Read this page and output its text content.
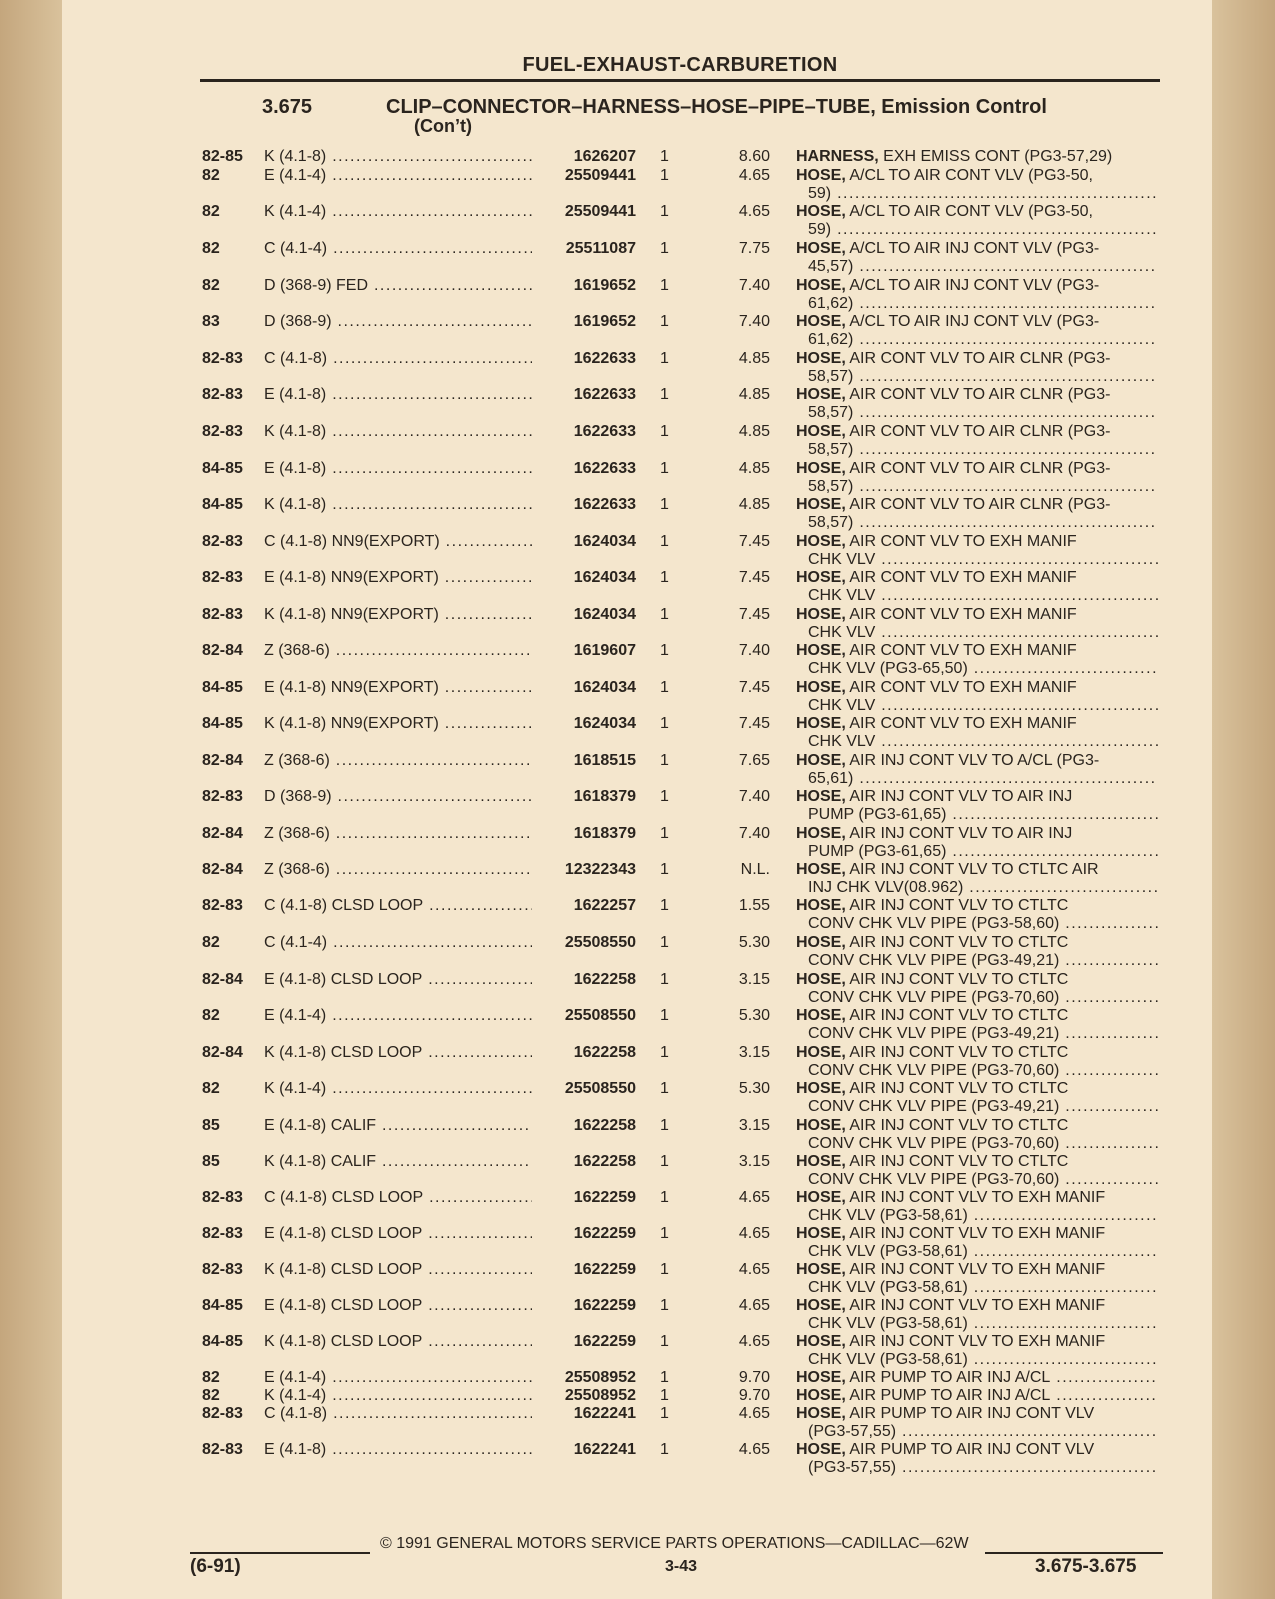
FUEL-EXHAUST-CARBURETION
3.675	CLIP–CONNECTOR–HARNESS–HOSE–PIPE–TUBE, Emission Control
(Con’t)
82-85 K (4.1-8) .....	1626207 1	8.60 HARNESS, EXH EMISS CONT (PG3-57,29)
82	E (4.1-4) .....	25509441 1	4.65 HOSE, A/CL TO AIR CONT VLV (PG3-50,
59) .....
82	K (4.1-4) .....	25509441 1	4.65 HOSE, A/CL TO AIR CONT VLV (PG3-50,
59) .....
82	C (4.1-4) .....	25511087 1	7.75 HOSE, A/CL TO AIR INJ CONT VLV (PG3-
45,57) .....
82	D (368-9) FED .....	1619652 1	7.40 HOSE, A/CL TO AIR INJ CONT VLV (PG3-
61,62) .....
83	D (368-9) .....	1619652 1	7.40 HOSE, A/CL TO AIR INJ CONT VLV (PG3-
61,62) .....
82-83 C (4.1-8) .....	1622633 1	4.85 HOSE, AIR CONT VLV TO AIR CLNR (PG3-
58,57) .....
82-83 E (4.1-8) .....	1622633 1	4.85 HOSE, AIR CONT VLV TO AIR CLNR (PG3-
58,57) .....
82-83 K (4.1-8) .....	1622633 1	4.85 HOSE, AIR CONT VLV TO AIR CLNR (PG3-
58,57) .....
84-85 E (4.1-8) .....	1622633 1	4.85 HOSE, AIR CONT VLV TO AIR CLNR (PG3-
58,57) .....
84-85 K (4.1-8) .....	1622633 1	4.85 HOSE, AIR CONT VLV TO AIR CLNR (PG3-
58,57) .....
82-83 C (4.1-8) NN9(EXPORT) .....	1624034 1	7.45 HOSE, AIR CONT VLV TO EXH MANIF
CHK VLV .....
82-83 E (4.1-8) NN9(EXPORT) .....	1624034 1	7.45 HOSE, AIR CONT VLV TO EXH MANIF
CHK VLV .....
82-83 K (4.1-8) NN9(EXPORT) .....	1624034 1	7.45 HOSE, AIR CONT VLV TO EXH MANIF
CHK VLV .....
82-84 Z (368-6) .....	1619607 1	7.40 HOSE, AIR CONT VLV TO EXH MANIF
CHK VLV (PG3-65,50) .....
84-85 E (4.1-8) NN9(EXPORT) .....	1624034 1	7.45 HOSE, AIR CONT VLV TO EXH MANIF
CHK VLV .....
84-85 K (4.1-8) NN9(EXPORT) .....	1624034 1	7.45 HOSE, AIR CONT VLV TO EXH MANIF
CHK VLV .....
82-84 Z (368-6) .....	1618515 1	7.65 HOSE, AIR INJ CONT VLV TO A/CL (PG3-
65,61) .....
82-83 D (368-9) .....	1618379 1	7.40 HOSE, AIR INJ CONT VLV TO AIR INJ
PUMP (PG3-61,65) .....
82-84 Z (368-6) .....	1618379 1	7.40 HOSE, AIR INJ CONT VLV TO AIR INJ
PUMP (PG3-61,65) .....
82-84 Z (368-6) .....	12322343 1	N.L. HOSE, AIR INJ CONT VLV TO CTLTC AIR
INJ CHK VLV(08.962) .....
82-83 C (4.1-8) CLSD LOOP .....	1622257 1	1.55 HOSE, AIR INJ CONT VLV TO CTLTC
CONV CHK VLV PIPE (PG3-58,60) .....
82	C (4.1-4) .....	25508550 1	5.30 HOSE, AIR INJ CONT VLV TO CTLTC
CONV CHK VLV PIPE (PG3-49,21) .....
82-84 E (4.1-8) CLSD LOOP .....	1622258 1	3.15 HOSE, AIR INJ CONT VLV TO CTLTC
CONV CHK VLV PIPE (PG3-70,60) .....
82	E (4.1-4) .....	25508550 1	5.30 HOSE, AIR INJ CONT VLV TO CTLTC
CONV CHK VLV PIPE (PG3-49,21) .....
82-84 K (4.1-8) CLSD LOOP .....	1622258 1	3.15 HOSE, AIR INJ CONT VLV TO CTLTC
CONV CHK VLV PIPE (PG3-70,60) .....
82	K (4.1-4) .....	25508550 1	5.30 HOSE, AIR INJ CONT VLV TO CTLTC
CONV CHK VLV PIPE (PG3-49,21) .....
85	E (4.1-8) CALIF .....	1622258 1	3.15 HOSE, AIR INJ CONT VLV TO CTLTC
CONV CHK VLV PIPE (PG3-70,60) .....
85	K (4.1-8) CALIF .....	1622258 1	3.15 HOSE, AIR INJ CONT VLV TO CTLTC
CONV CHK VLV PIPE (PG3-70,60) .....
82-83 C (4.1-8) CLSD LOOP .....	1622259 1	4.65 HOSE, AIR INJ CONT VLV TO EXH MANIF
CHK VLV (PG3-58,61) .....
82-83 E (4.1-8) CLSD LOOP .....	1622259 1	4.65 HOSE, AIR INJ CONT VLV TO EXH MANIF
CHK VLV (PG3-58,61) .....
82-83 K (4.1-8) CLSD LOOP .....	1622259 1	4.65 HOSE, AIR INJ CONT VLV TO EXH MANIF
CHK VLV (PG3-58,61) .....
84-85 E (4.1-8) CLSD LOOP .....	1622259 1	4.65 HOSE, AIR INJ CONT VLV TO EXH MANIF
CHK VLV (PG3-58,61) .....
84-85 K (4.1-8) CLSD LOOP .....	1622259 1	4.65 HOSE, AIR INJ CONT VLV TO EXH MANIF
CHK VLV (PG3-58,61) .....
82	E (4.1-4) .....	25508952 1	9.70 HOSE, AIR PUMP TO AIR INJ A/CL .....
82	K (4.1-4) .....	25508952 1	9.70 HOSE, AIR PUMP TO AIR INJ A/CL .....
82-83 C (4.1-8) .....	1622241 1	4.65 HOSE, AIR PUMP TO AIR INJ CONT VLV
(PG3-57,55) .....
82-83 E (4.1-8) .....	1622241 1	4.65 HOSE, AIR PUMP TO AIR INJ CONT VLV
(PG3-57,55) .....
© 1991 GENERAL MOTORS SERVICE PARTS OPERATIONS—CADILLAC—62W
(6-91)	3-43	3.675-3.675
